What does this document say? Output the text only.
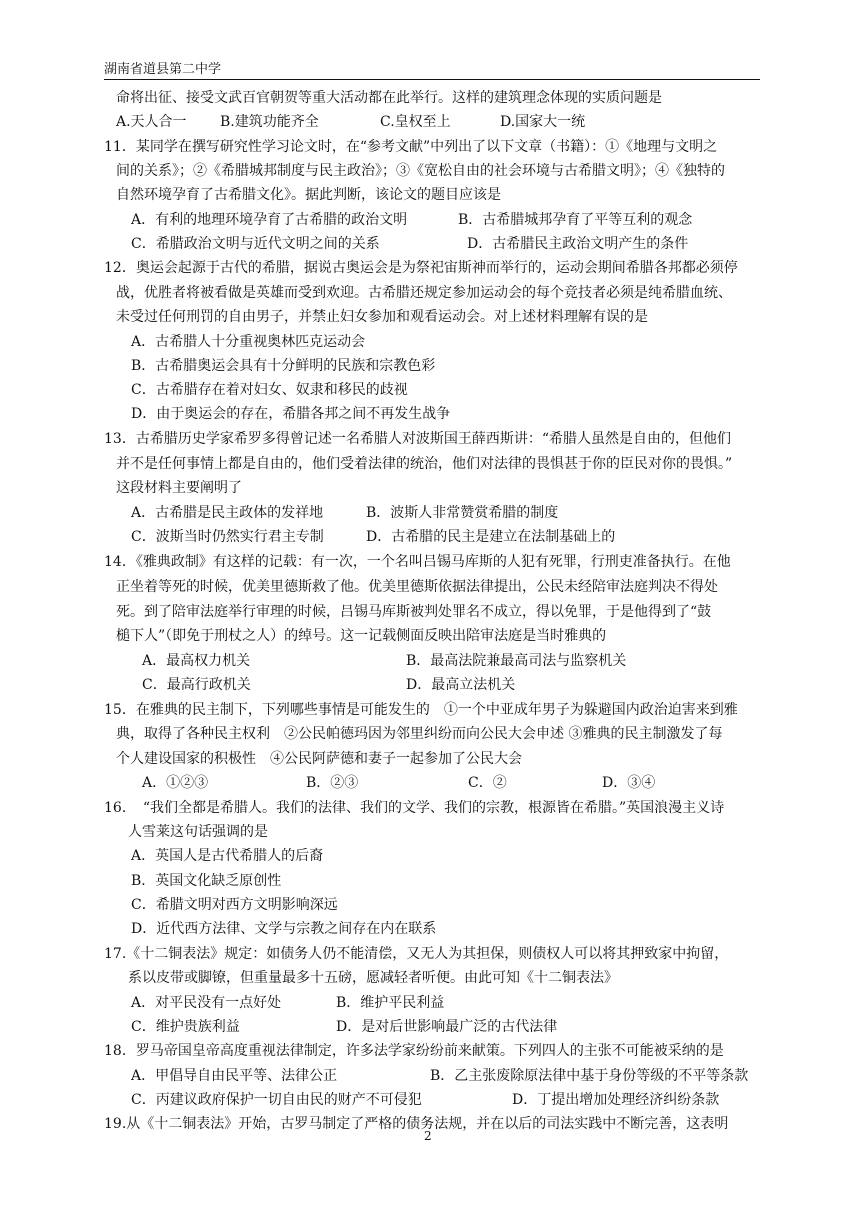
湖南省道县第二中学
命将出征、接受文武百官朝贺等重大活动都在此举行。这样的建筑理念体现的实质问题是
A.天人合一 B.建筑功能齐全	C.皇权至上	D.国家大一统
11．某同学在撰写研究性学习论文时，在“参考文献”中列出了以下文章（书籍）：①《地理与文明之
间的关系》；②《希腊城邦制度与民主政治》；③《宽松自由的社会环境与古希腊文明》；④《独特的
自然环境孕育了古希腊文化》。据此判断，该论文的题目应该是
A．有利的地理环境孕育了古希腊的政治文明	B．古希腊城邦孕育了平等互利的观念
C．希腊政治文明与近代文明之间的关系	D．古希腊民主政治文明产生的条件
12．奥运会起源于古代的希腊，据说古奥运会是为祭祀宙斯神而举行的，运动会期间希腊各邦都必须停
战，优胜者将被看做是英雄而受到欢迎。古希腊还规定参加运动会的每个竞技者必须是纯希腊血统、
未受过任何刑罚的自由男子，并禁止妇女参加和观看运动会。对上述材料理解有误的是
A．古希腊人十分重视奥林匹克运动会
B．古希腊奥运会具有十分鲜明的民族和宗教色彩
C．古希腊存在着对妇女、奴隶和移民的歧视
D．由于奥运会的存在，希腊各邦之间不再发生战争
13．古希腊历史学家希罗多得曾记述一名希腊人对波斯国王薛西斯讲：“希腊人虽然是自由的，但他们
并不是任何事情上都是自由的，他们受着法律的统治，他们对法律的畏惧甚于你的臣民对你的畏惧。”
这段材料主要阐明了
A．古希腊是民主政体的发祥地	B．波斯人非常赞赏希腊的制度
C．波斯当时仍然实行君主专制	D．古希腊的民主是建立在法制基础上的
14．《雅典政制》有这样的记载：有一次，一个名叫吕锡马库斯的人犯有死罪，行刑吏准备执行。在他
正坐着等死的时候，优美里德斯救了他。优美里德斯依据法律提出，公民未经陪审法庭判决不得处
死。到了陪审法庭举行审理的时候，吕锡马库斯被判处罪名不成立，得以免罪，于是他得到了“鼓
槌下人”（即免于刑杖之人）的绰号。这一记载侧面反映出陪审法庭是当时雅典的
A．最高权力机关	B．最高法院兼最高司法与监察机关
C．最高行政机关	D．最高立法机关
15．在雅典的民主制下，下列哪些事情是可能发生的　①一个中亚成年男子为躲避国内政治迫害来到雅
典，取得了各种民主权利　②公民帕德玛因为邻里纠纷而向公民大会申述 ③雅典的民主制激发了每
个人建设国家的积极性　④公民阿萨德和妻子一起参加了公民大会
A．①②③	B．②③	C．②	D．③④
16．　“我们全都是希腊人。我们的法律、我们的文学、我们的宗教，根源皆在希腊。”英国浪漫主义诗
人雪莱这句话强调的是
A．英国人是古代希腊人的后裔
B．英国文化缺乏原创性
C．希腊文明对西方文明影响深远
D．近代西方法律、文学与宗教之间存在内在联系
17.《十二铜表法》规定：如债务人仍不能清偿，又无人为其担保，则债权人可以将其押致家中拘留，
系以皮带或脚镣，但重量最多十五磅，愿减轻者听便。由此可知《十二铜表法》
A．对平民没有一点好处	B．维护平民利益
C．维护贵族利益	D．是对后世影响最广泛的古代法律
18．罗马帝国皇帝高度重视法律制定，许多法学家纷纷前来献策。下列四人的主张不可能被采纳的是
A．甲倡导自由民平等、法律公正	B．乙主张废除原法律中基于身份等级的不平等条款
C．丙建议政府保护一切自由民的财产不可侵犯	D．丁提出增加处理经济纠纷条款
19.从《十二铜表法》开始，古罗马制定了严格的债务法规，并在以后的司法实践中不断完善，这表明
2
